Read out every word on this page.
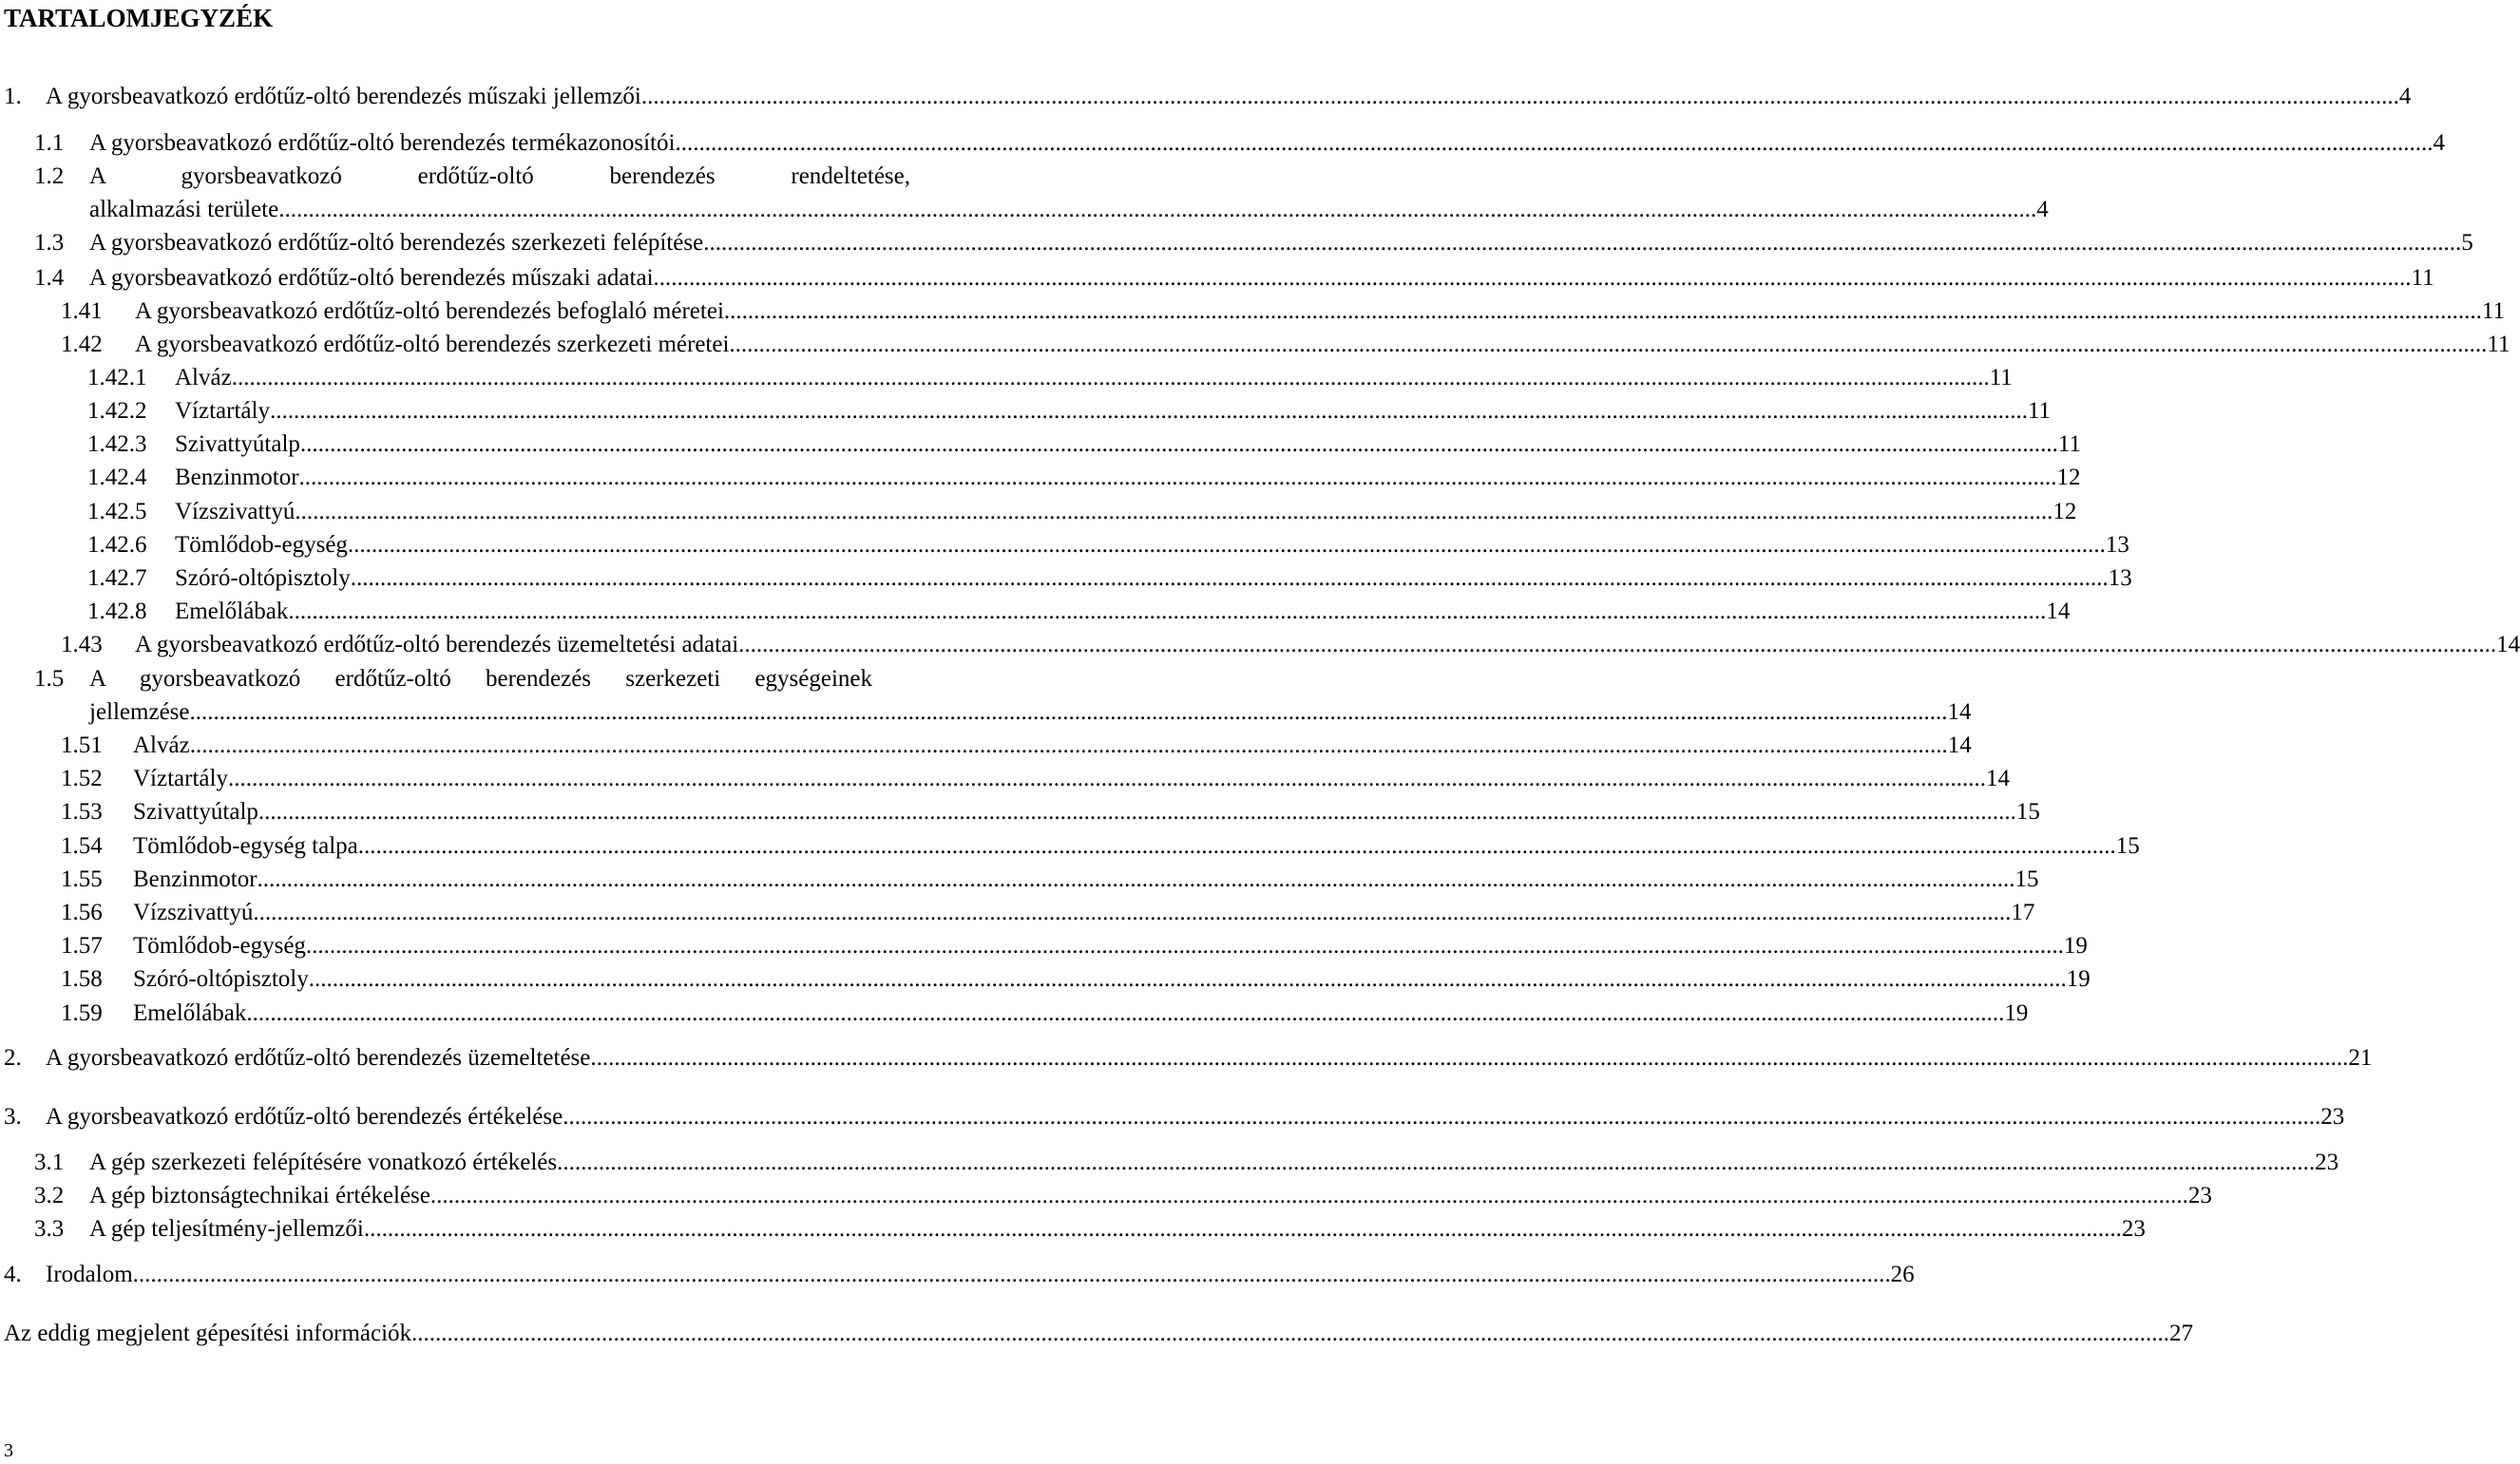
TARTALOMJEGYZÉK
1.	A gyorsbeavatkozó erdőtűz-oltó berendezés műszaki jellemzői .....	4
1.1	A gyorsbeavatkozó erdőtűz-oltó berendezés termékazonosítói .....	4
1.2	A gyorsbeavatkozó erdőtűz-oltó berendezés rendeltetése,
alkalmazási területe .....	4
1.3	A gyorsbeavatkozó erdőtűz-oltó berendezés szerkezeti felépítése .....	5
1.4	A gyorsbeavatkozó erdőtűz-oltó berendezés műszaki adatai .....	11
1.41	A gyorsbeavatkozó erdőtűz-oltó berendezés befoglaló méretei .....	11
1.42	A gyorsbeavatkozó erdőtűz-oltó berendezés szerkezeti méretei .....	11
1.42.1	Alváz .....	11
1.42.2	Víztartály .....	11
1.42.3	Szivattyútalp .....	11
1.42.4	Benzinmotor .....	12
1.42.5	Vízszivattyú .....	12
1.42.6	Tömlődob-egység .....	13
1.42.7	Szóró-oltópisztoly .....	13
1.42.8	Emelőlábak .....	14
1.43	A gyorsbeavatkozó erdőtűz-oltó berendezés üzemeltetési adatai .....	14
1.5	A gyorsbeavatkozó erdőtűz-oltó berendezés szerkezeti egységeinek
jellemzése .....	14
1.51	Alváz .....	14
1.52	Víztartály .....	14
1.53	Szivattyútalp .....	15
1.54	Tömlődob-egység talpa .....	15
1.55	Benzinmotor .....	15
1.56	Vízszivattyú .....	17
1.57	Tömlődob-egység .....	19
1.58	Szóró-oltópisztoly .....	19
1.59	Emelőlábak .....	19
2.	A gyorsbeavatkozó erdőtűz-oltó berendezés üzemeltetése .....	21
3.	A gyorsbeavatkozó erdőtűz-oltó berendezés értékelése .....	23
3.1	A gép szerkezeti felépítésére vonatkozó értékelés .....	23
3.2	A gép biztonságtechnikai értékelése .....	23
3.3	A gép teljesítmény-jellemzői .....	23
4.	Irodalom .....	26
Az eddig megjelent gépesítési információk .....	27

3
